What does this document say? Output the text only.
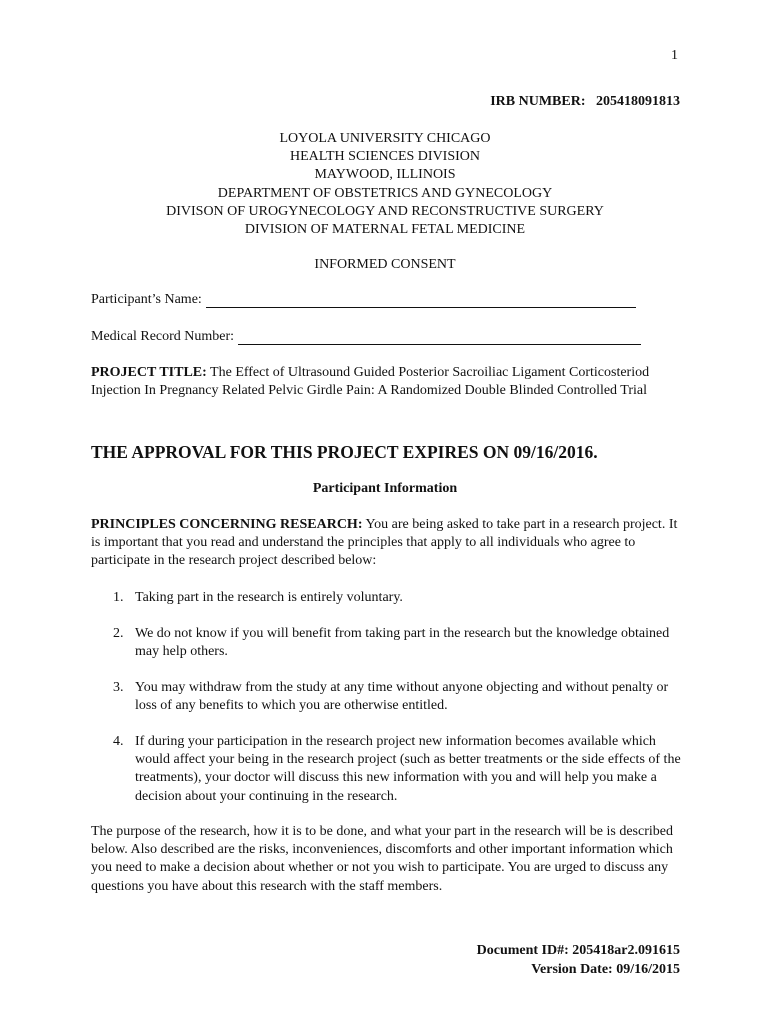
1
IRB NUMBER:   205418091813
LOYOLA UNIVERSITY CHICAGO
HEALTH SCIENCES DIVISION
MAYWOOD, ILLINOIS
DEPARTMENT OF OBSTETRICS AND GYNECOLOGY
DIVISON OF UROGYNECOLOGY AND RECONSTRUCTIVE SURGERY
DIVISION OF MATERNAL FETAL MEDICINE
INFORMED CONSENT
Participant’s Name:
Medical Record Number:
PROJECT TITLE: The Effect of Ultrasound Guided Posterior Sacroiliac Ligament Corticosteriod Injection In Pregnancy Related Pelvic Girdle Pain: A Randomized Double Blinded Controlled Trial
THE APPROVAL FOR THIS PROJECT EXPIRES ON 09/16/2016.
Participant Information
PRINCIPLES CONCERNING RESEARCH: You are being asked to take part in a research project. It is important that you read and understand the principles that apply to all individuals who agree to participate in the research project described below:
1. Taking part in the research is entirely voluntary.
2. We do not know if you will benefit from taking part in the research but the knowledge obtained may help others.
3. You may withdraw from the study at any time without anyone objecting and without penalty or loss of any benefits to which you are otherwise entitled.
4. If during your participation in the research project new information becomes available which would affect your being in the research project (such as better treatments or the side effects of the treatments), your doctor will discuss this new information with you and will help you make a decision about your continuing in the research.
The purpose of the research, how it is to be done, and what your part in the research will be is described below. Also described are the risks, inconveniences, discomforts and other important information which you need to make a decision about whether or not you wish to participate. You are urged to discuss any questions you have about this research with the staff members.
Document ID#: 205418ar2.091615
Version Date: 09/16/2015
